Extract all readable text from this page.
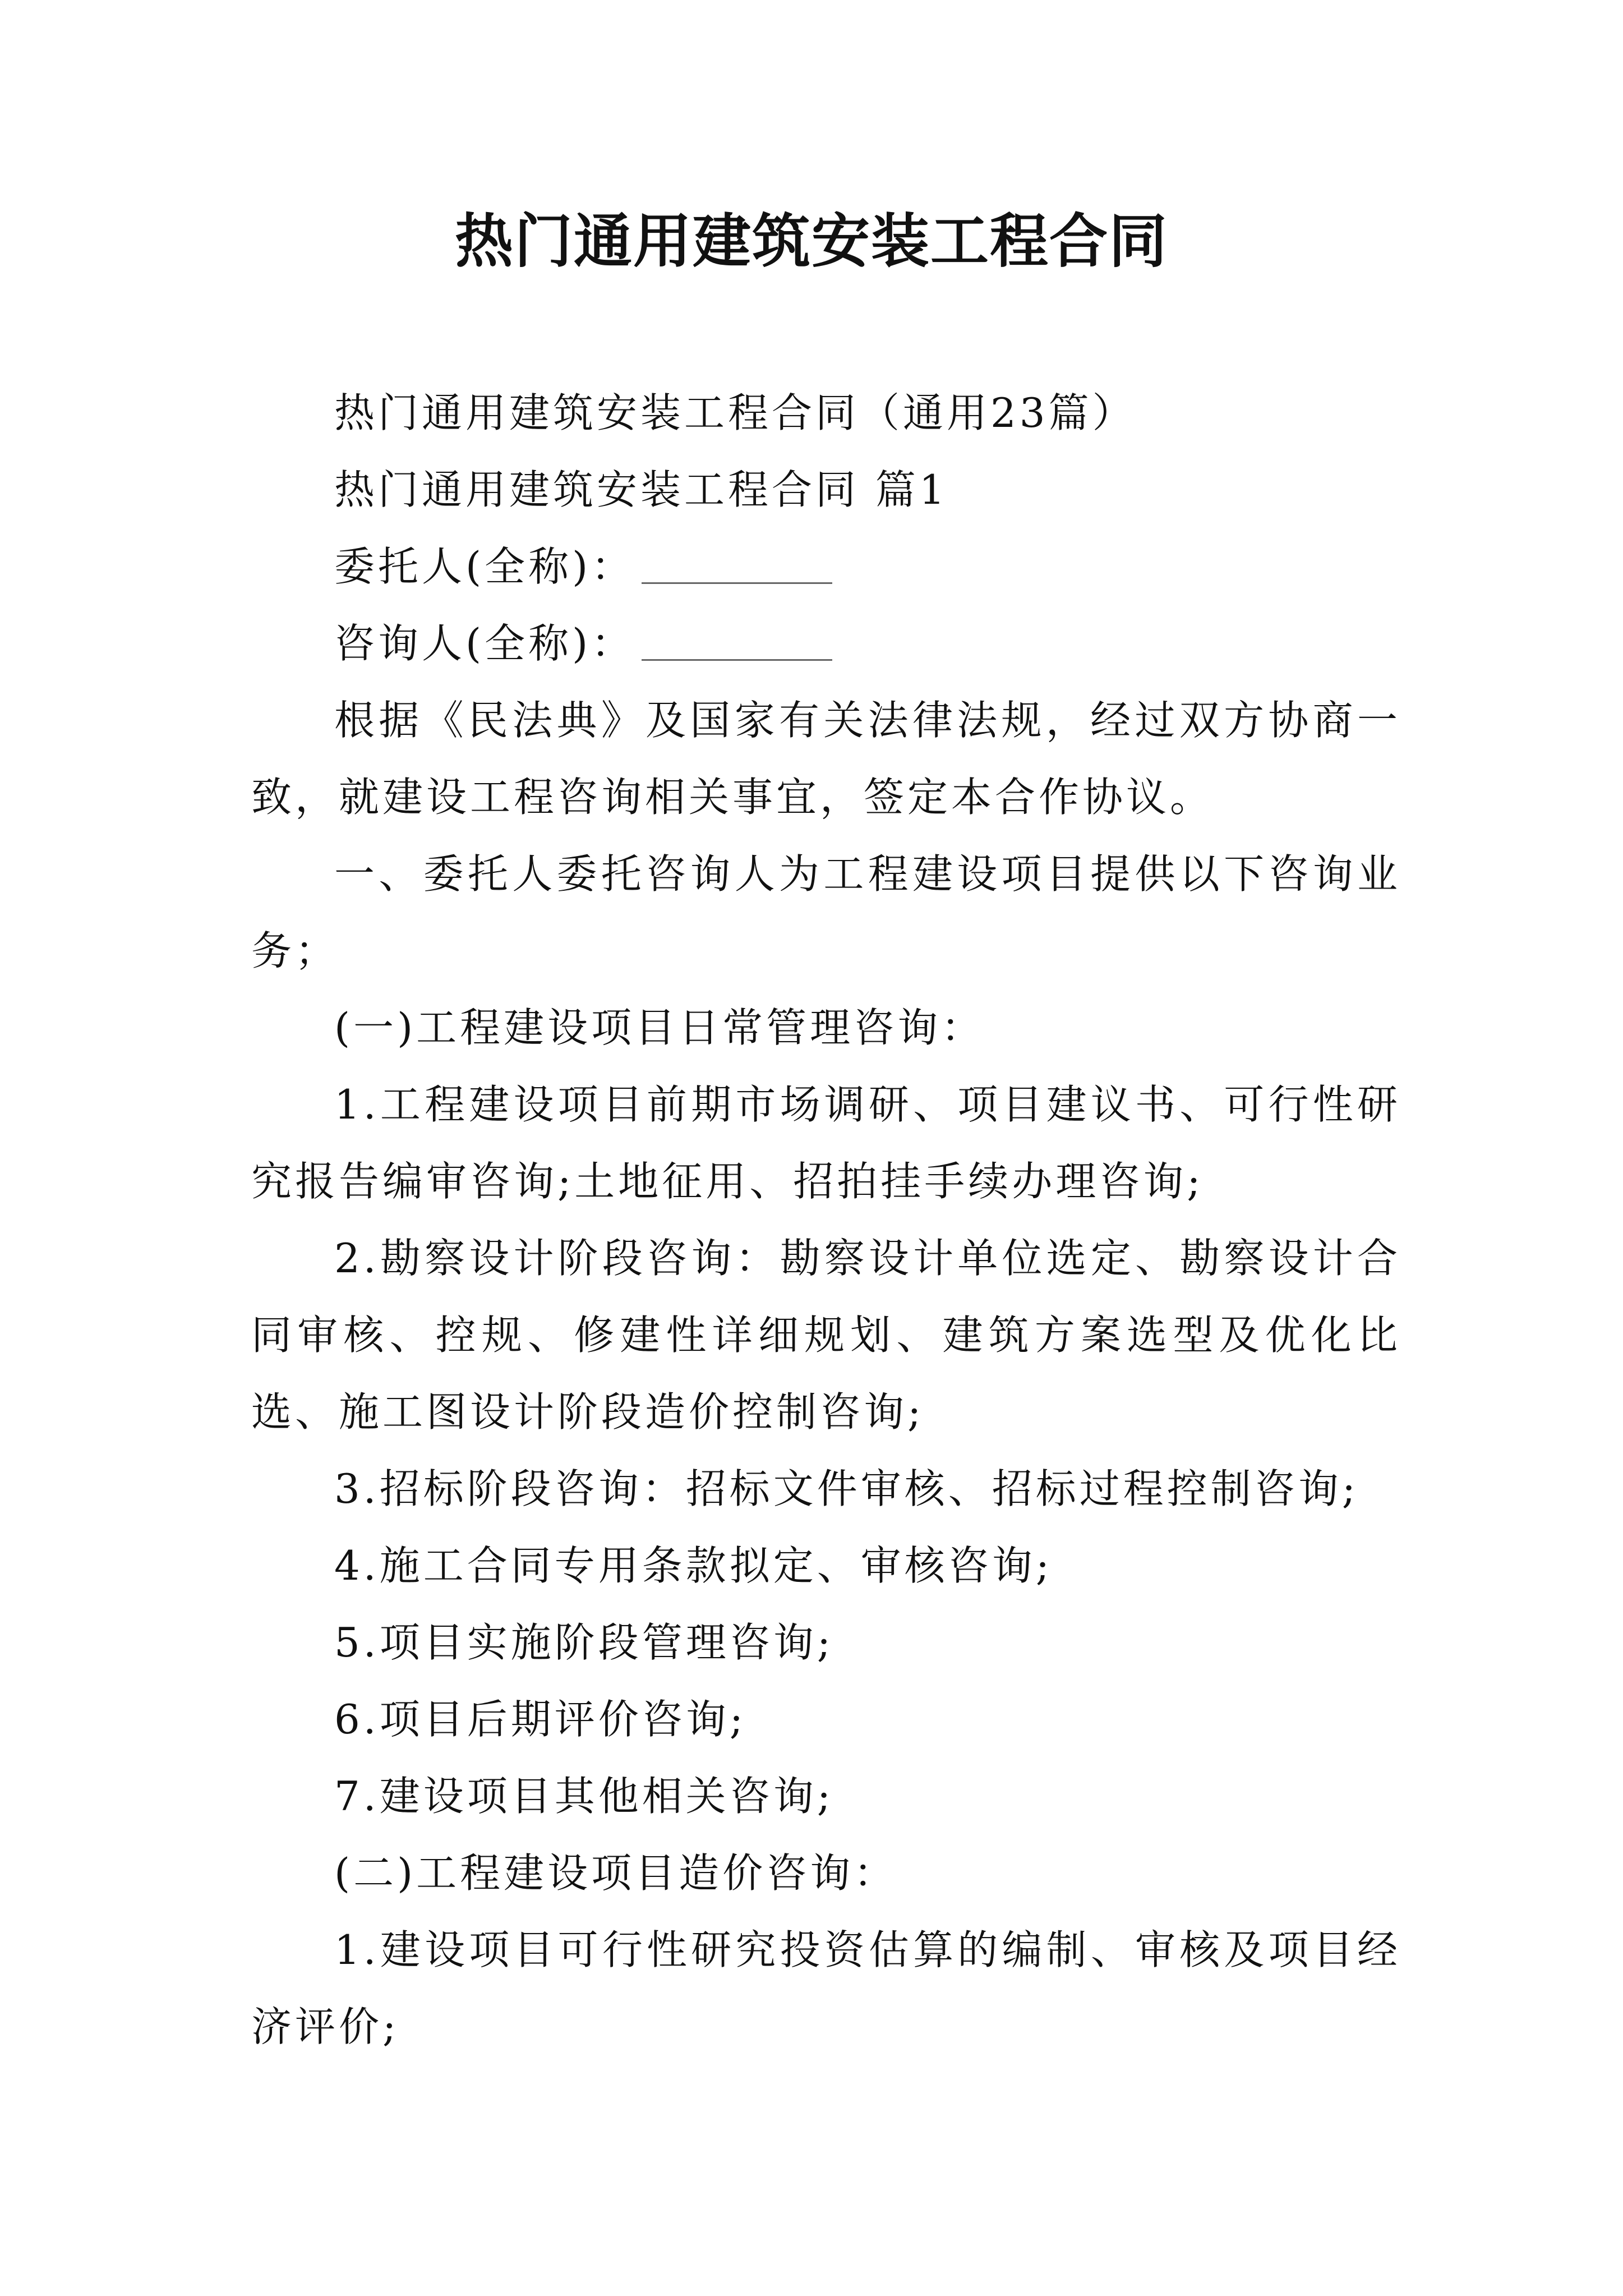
热门通用建筑安装工程合同

热门通用建筑安装工程合同（通用23篇）

热门通用建筑安装工程合同 篇1

委托人(全称)：

咨询人(全称)：

根据《民法典》及国家有关法律法规，经过双方协商一致，就建设工程咨询相关事宜，签定本合作协议。

一、委托人委托咨询人为工程建设项目提供以下咨询业务；

(一)工程建设项目日常管理咨询：

1.工程建设项目前期市场调研、项目建议书、可行性研究报告编审咨询;土地征用、招拍挂手续办理咨询;

2.勘察设计阶段咨询：勘察设计单位选定、勘察设计合同审核、控规、修建性详细规划、建筑方案选型及优化比选、施工图设计阶段造价控制咨询;

3.招标阶段咨询：招标文件审核、招标过程控制咨询;

4.施工合同专用条款拟定、审核咨询;

5.项目实施阶段管理咨询;

6.项目后期评价咨询;

7.建设项目其他相关咨询;

(二)工程建设项目造价咨询：

1.建设项目可行性研究投资估算的编制、审核及项目经济评价;
